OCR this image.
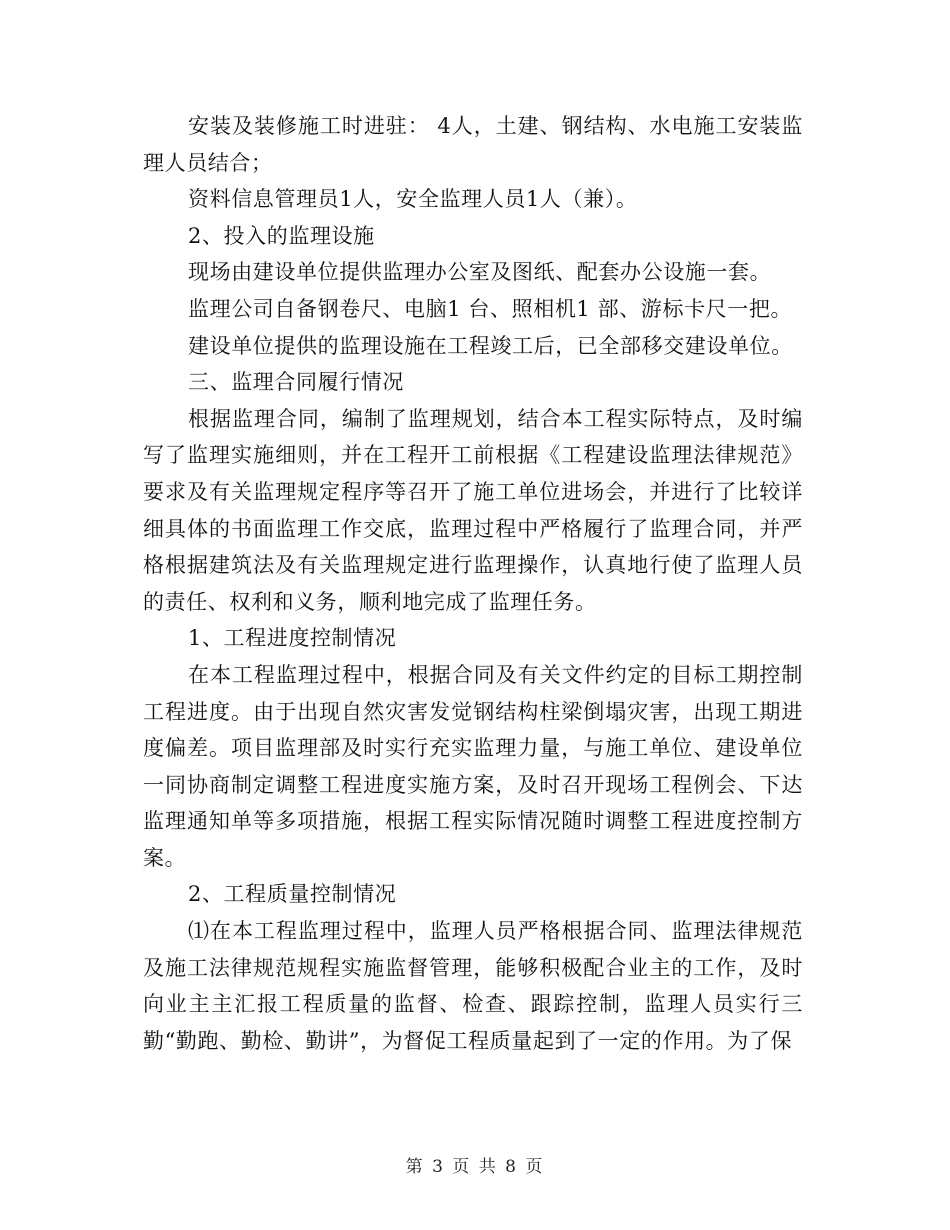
安装及装修施工时进驻： 4人，土建、钢结构、水电施工安装监理人员结合；

资料信息管理员1人，安全监理人员1人（兼）。

2、投入的监理设施

现场由建设单位提供监理办公室及图纸、配套办公设施一套。

监理公司自备钢卷尺、电脑1 台、照相机1 部、游标卡尺一把。

建设单位提供的监理设施在工程竣工后，已全部移交建设单位。

三、监理合同履行情况

根据监理合同，编制了监理规划，结合本工程实际特点，及时编写了监理实施细则，并在工程开工前根据《工程建设监理法律规范》要求及有关监理规定程序等召开了施工单位进场会，并进行了比较详细具体的书面监理工作交底，监理过程中严格履行了监理合同，并严格根据建筑法及有关监理规定进行监理操作，认真地行使了监理人员的责任、权利和义务，顺利地完成了监理任务。

1、工程进度控制情况

在本工程监理过程中，根据合同及有关文件约定的目标工期控制工程进度。由于出现自然灾害发觉钢结构柱梁倒塌灾害，出现工期进度偏差。项目监理部及时实行充实监理力量，与施工单位、建设单位一同协商制定调整工程进度实施方案，及时召开现场工程例会、下达监理通知单等多项措施，根据工程实际情况随时调整工程进度控制方案。

2、工程质量控制情况

⑴在本工程监理过程中，监理人员严格根据合同、监理法律规范及施工法律规范规程实施监督管理，能够积极配合业主的工作，及时向业主主汇报工程质量的监督、检查、跟踪控制，监理人员实行三勤“勤跑、勤检、勤讲”，为督促工程质量起到了一定的作用。为了保

第 3 页 共 8 页
